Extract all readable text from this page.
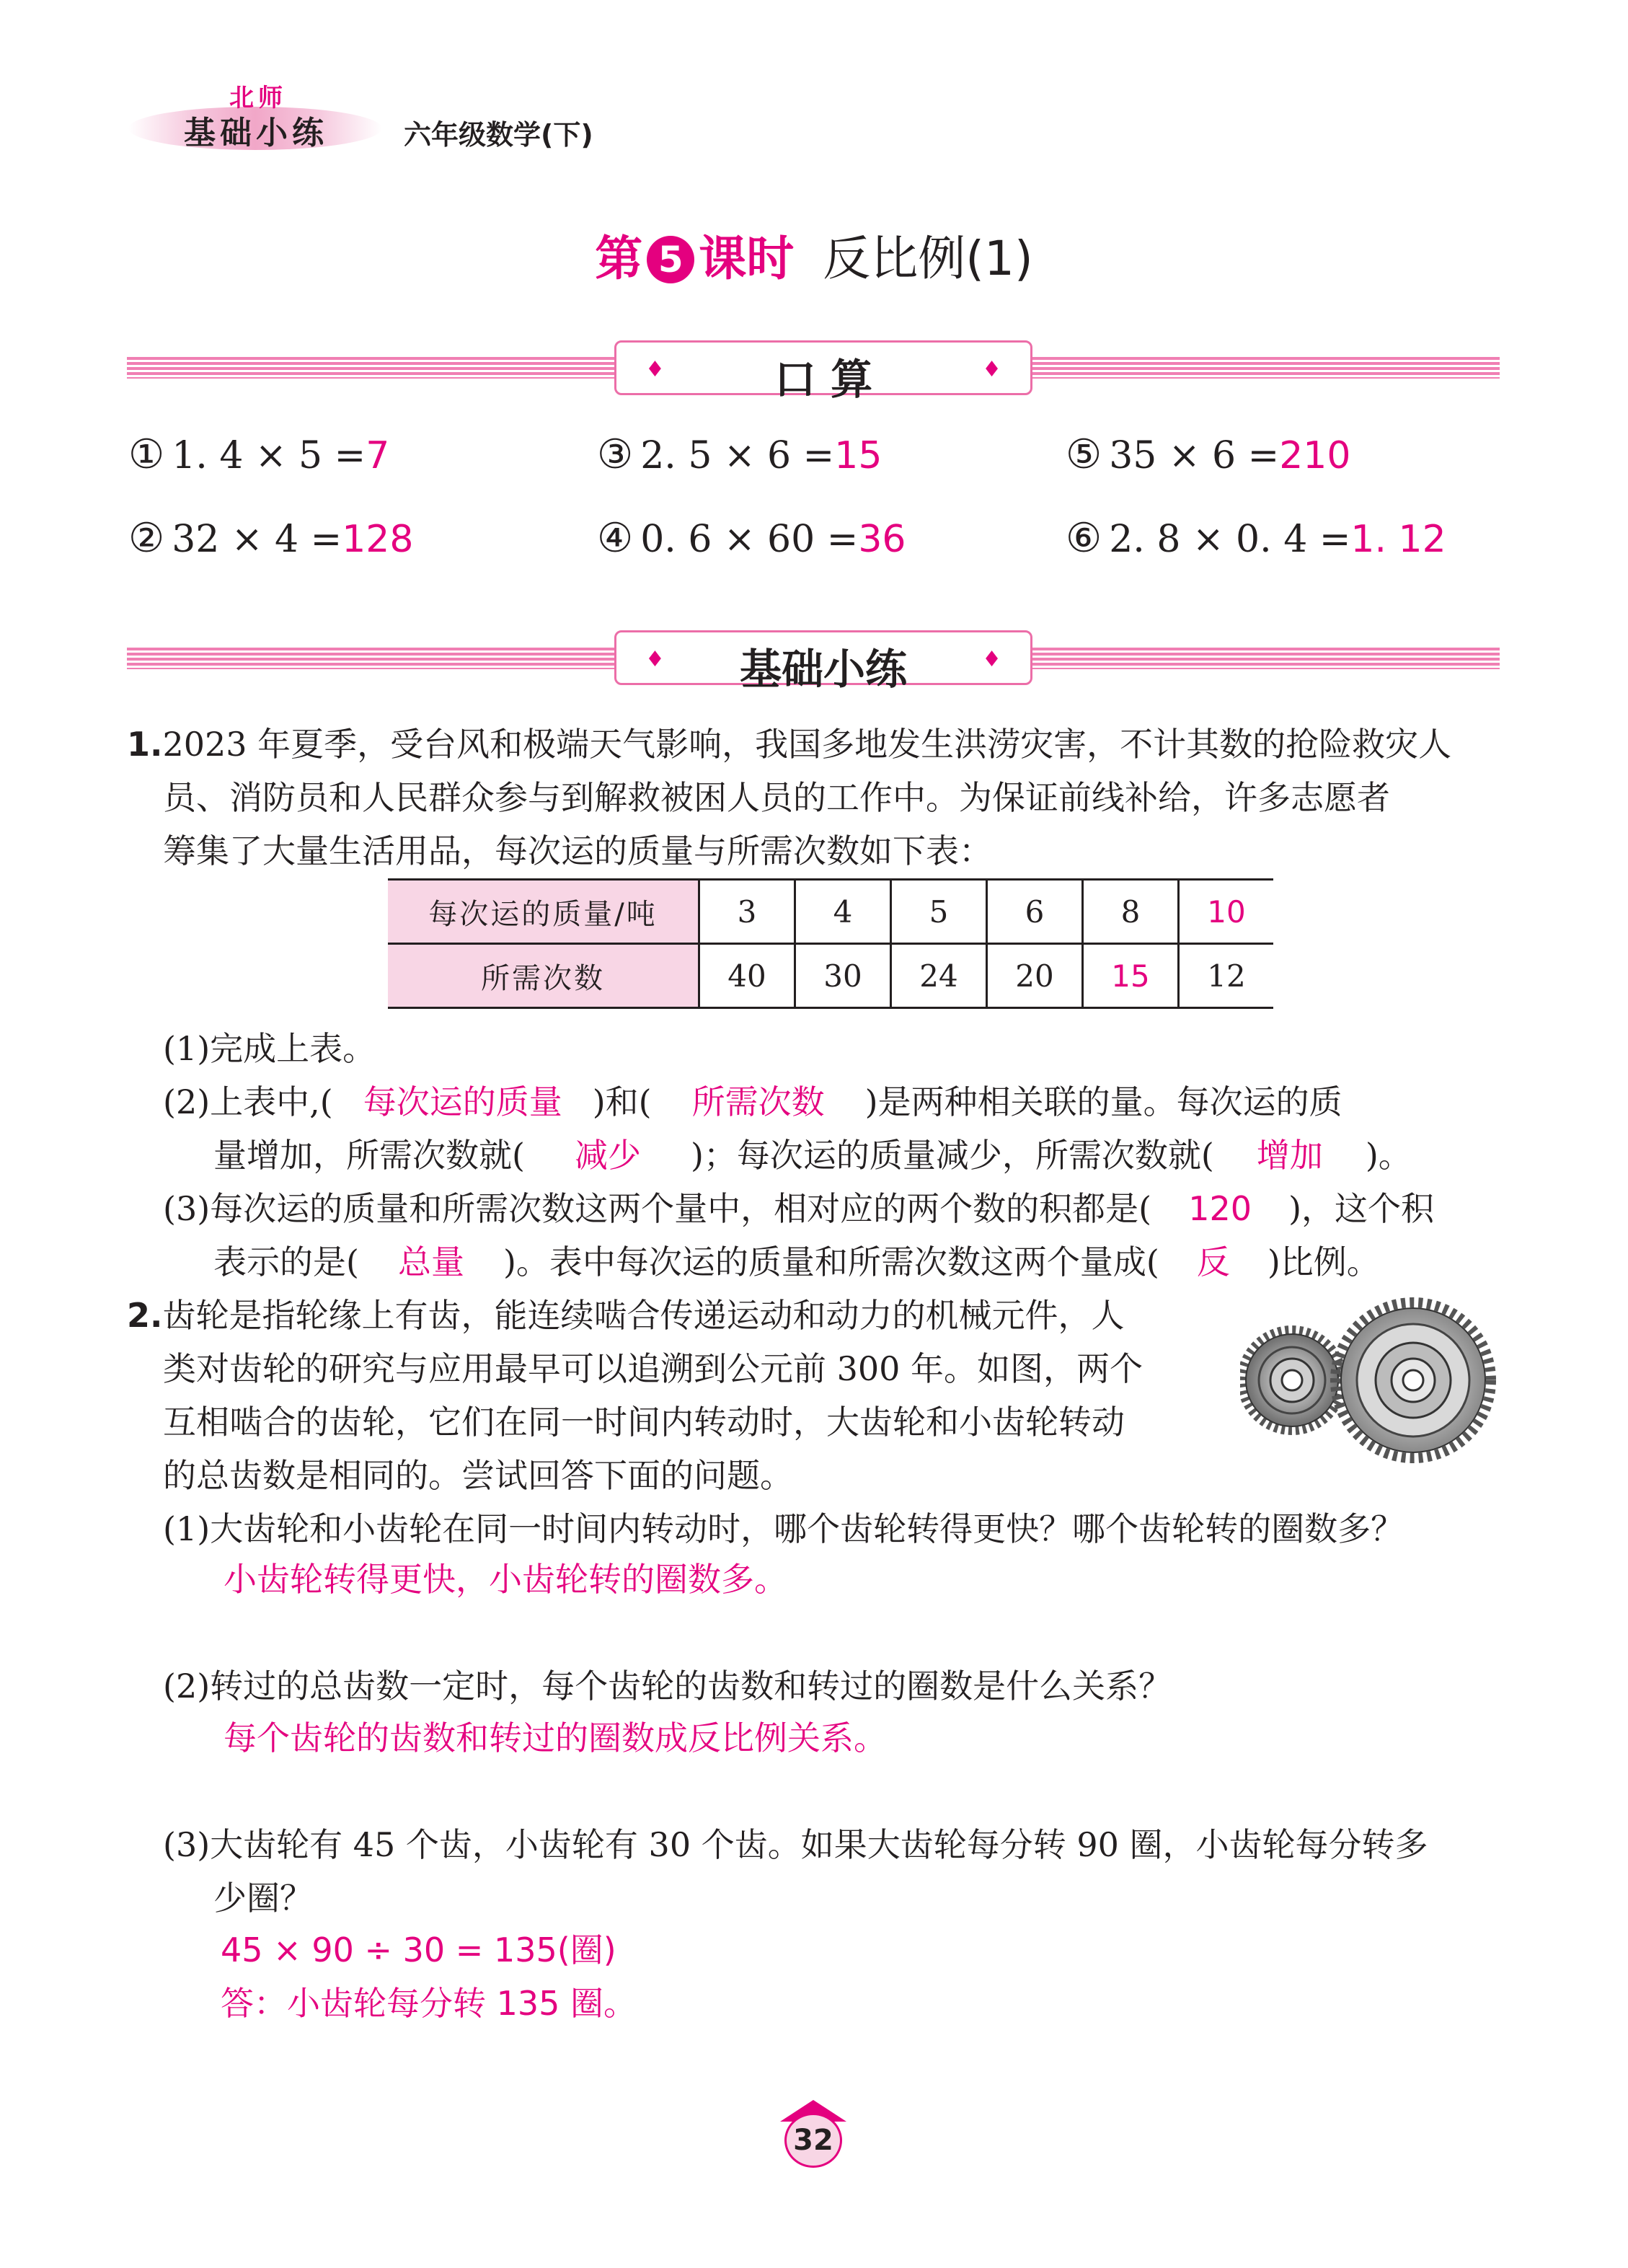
北师
基础小练	六年级数学(下)
第 5 课时 反比例(1)
♦	口 算	♦
① 1. 4 × 5 =7
② 32 × 4 =128
③ 2. 5 × 6 =15
④ 0. 6 × 60 =36
⑤ 35 × 6 =210
⑥ 2. 8 × 0. 4 =1. 12
♦	基础小练	♦
1.2023 年夏季，受台风和极端天气影响，我国多地发生洪涝灾害，不计其数的抢险救灾人
员、消防员和人民群众参与到解救被困人员的工作中。为保证前线补给，许多志愿者
筹集了大量生活用品，每次运的质量与所需次数如下表：
每次运的质量/吨	3	4	5	6	8	10
所需次数	40	30	24	20	15	12
(1)完成上表。
(2)上表中,( 每次运的质量 )和( 所需次数 )是两种相关联的量。每次运的质
量增加，所需次数就( 减少 )；每次运的质量减少，所需次数就( 增加 )。
(3)每次运的质量和所需次数这两个量中，相对应的两个数的积都是( 120 )，这个积
表示的是( 总量 )。表中每次运的质量和所需次数这两个量成( 反 )比例。
2.齿轮是指轮缘上有齿，能连续啮合传递运动和动力的机械元件，人
类对齿轮的研究与应用最早可以追溯到公元前 300 年。如图，两个
互相啮合的齿轮，它们在同一时间内转动时，大齿轮和小齿轮转动
的总齿数是相同的。尝试回答下面的问题。
(1)大齿轮和小齿轮在同一时间内转动时，哪个齿轮转得更快？哪个齿轮转的圈数多？
小齿轮转得更快，小齿轮转的圈数多。
(2)转过的总齿数一定时，每个齿轮的齿数和转过的圈数是什么关系？
每个齿轮的齿数和转过的圈数成反比例关系。
(3)大齿轮有 45 个齿，小齿轮有 30 个齿。如果大齿轮每分转 90 圈，小齿轮每分转多
少圈？
45 × 90 ÷ 30 = 135(圈)
答：小齿轮每分转 135 圈。
32
